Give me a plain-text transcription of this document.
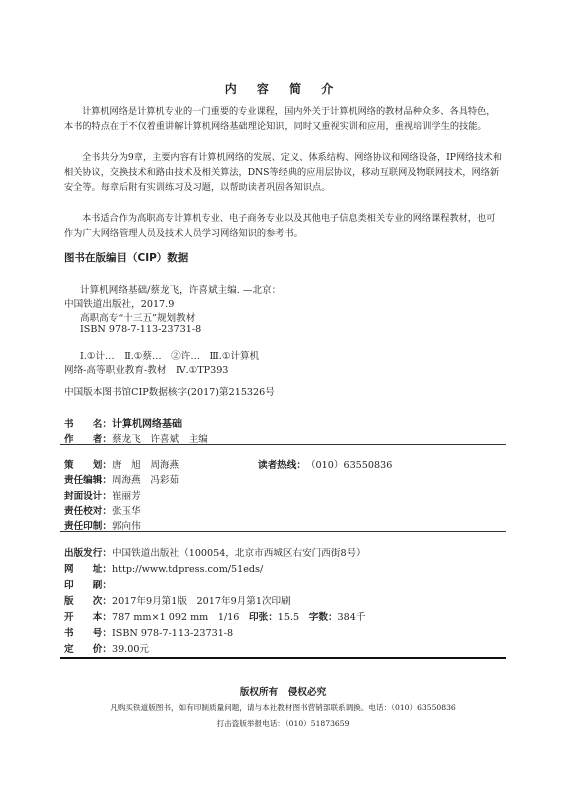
内 容 简 介
计算机网络是计算机专业的一门重要的专业课程，国内外关于计算机网络的教材品种众多、各具特色，本书的特点在于不仅着重讲解计算机网络基础理论知识，同时又重视实训和应用，重视培训学生的技能。
全书共分为9章，主要内容有计算机网络的发展、定义、体系结构、网络协议和网络设备，IP网络技术和相关协议，交换技术和路由技术及相关算法，DNS等经典的应用层协议，移动互联网及物联网技术，网络新安全等。每章后附有实训练习及习题，以帮助读者巩固各知识点。
本书适合作为高职高专计算机专业、电子商务专业以及其他电子信息类相关专业的网络课程教材，也可作为广大网络管理人员及技术人员学习网络知识的参考书。
图书在版编目（CIP）数据
计算机网络基础/蔡龙飞，许喜斌主编. —北京：
中国铁道出版社，2017.9
高职高专“十三五”规划教材
ISBN 978-7-113-23731-8
Ⅰ.①计…　Ⅱ.①蔡…　②许…　Ⅲ.①计算机
网络-高等职业教育-教材　Ⅳ.①TP393
中国版本图书馆CIP数据核字(2017)第215326号
书　　名：计算机网络基础
作　　者：蔡龙飞　许喜斌　主编
策　　划：唐　旭　周海燕	读者热线：（010）63550836
责任编辑：周海燕　冯彩茹
封面设计：崔丽芳
责任校对：张玉华
责任印制：郭向伟
出版发行：中国铁道出版社（100054，北京市西城区右安门西街8号）
网　　址：http://www.tdpress.com/51eds/
印　　刷：
版　　次：2017年9月第1版　2017年9月第1次印刷
开　　本：787 mm×1 092 mm　1/16　 印张：15.5　 字数：384千
书　　号：ISBN 978-7-113-23731-8
定　　价：39.00元
版权所有　侵权必究
凡购买铁道版图书，如有印制质量问题，请与本社教材图书营销部联系调换。电话：（010）63550836
打击盗版举报电话：（010）51873659
